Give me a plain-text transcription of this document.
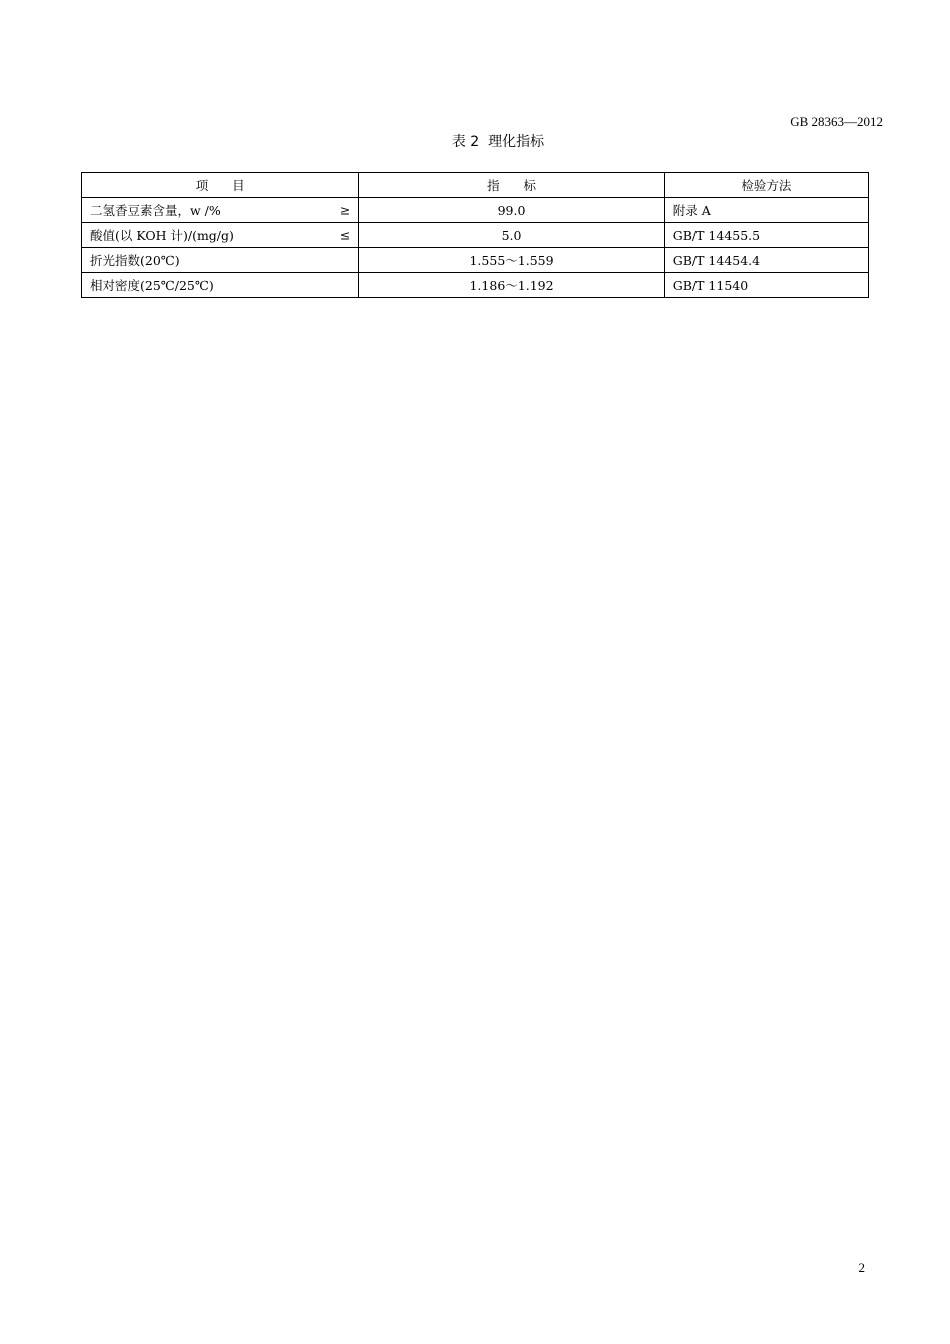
GB 28363—2012
表 2  理化指标
项      目	指      标	检验方法
二氢香豆素含量，w /% ≥	99.0	附录 A
酸值(以 KOH 计)/(mg/g) ≤	5.0	GB/T 14455.5
折光指数(20℃)	1.555～1.559	GB/T 14454.4
相对密度(25℃/25℃)	1.186～1.192	GB/T 11540
2
